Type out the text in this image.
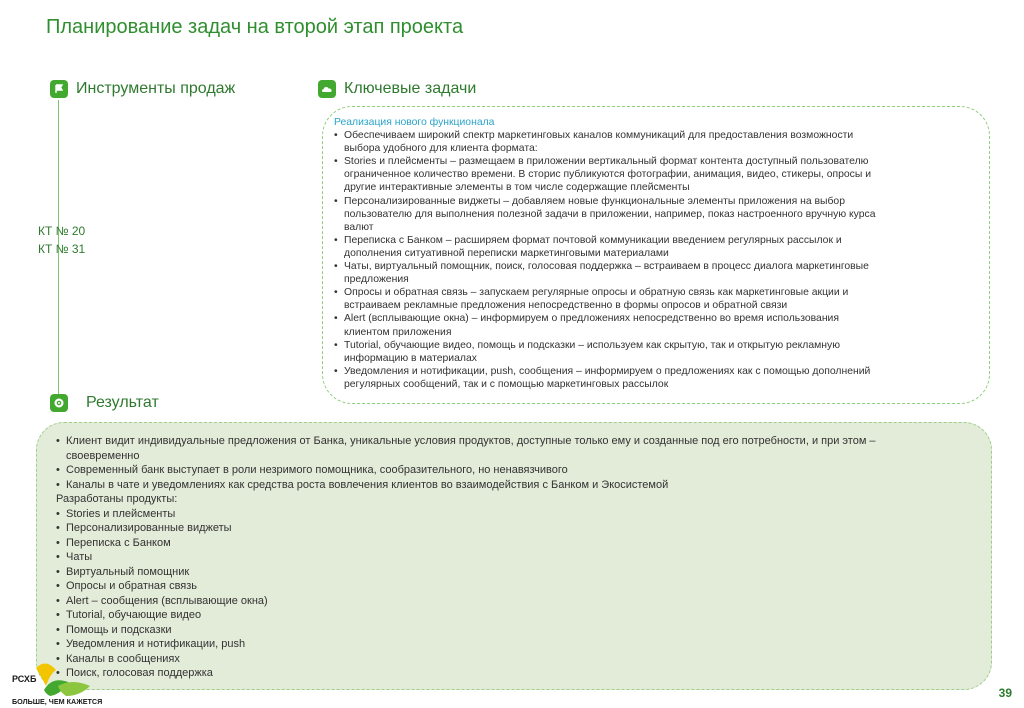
Планирование задач на второй этап проекта
Инструменты продаж
КТ № 20
КТ № 31
Ключевые задачи
Реализация нового функционала
• Обеспечиваем широкий спектр маркетинговых каналов коммуникаций для предоставления возможности
выбора удобного для клиента формата:
• Stories и плейсменты – размещаем в приложении вертикальный формат контента доступный пользователю
ограниченное количество времени. В сторис публикуются фотографии, анимация, видео, стикеры, опросы и
другие интерактивные элементы в том числе содержащие плейсменты
• Персонализированные виджеты – добавляем новые функциональные элементы приложения на выбор
пользователю для выполнения полезной задачи в приложении, например, показ настроенного вручную курса
валют
• Переписка с Банком – расширяем формат почтовой коммуникации введением регулярных рассылок и
дополнения ситуативной переписки маркетинговыми материалами
• Чаты, виртуальный помощник, поиск, голосовая поддержка – встраиваем в процесс диалога маркетинговые
предложения
• Опросы и обратная связь – запускаем регулярные опросы и обратную связь как маркетинговые акции и
встраиваем рекламные предложения непосредственно в формы опросов и обратной связи
• Alert (всплывающие окна) – информируем о предложениях непосредственно во время использования
клиентом приложения
• Tutorial, обучающие видео, помощь и подсказки – используем как скрытую, так и открытую рекламную
информацию в материалах
• Уведомления и нотификации, push, сообщения – информируем о предложениях как с помощью дополнений
регулярных сообщений, так и с помощью маркетинговых рассылок
Результат
• Клиент видит индивидуальные предложения от Банка, уникальные условия продуктов, доступные только ему и созданные под его потребности, и при этом –
своевременно
• Современный банк выступает в роли незримого помощника, сообразительного, но ненавязчивого
• Каналы в чате и уведомлениях как средства роста вовлечения клиентов во взаимодействия с Банком и Экосистемой
Разработаны продукты:
• Stories и плейсменты
• Персонализированные виджеты
• Переписка с Банком
• Чаты
• Виртуальный помощник
• Опросы и обратная связь
• Alert – сообщения (всплывающие окна)
• Tutorial, обучающие видео
• Помощь и подсказки
• Уведомления и нотификации, push
• Каналы в сообщениях
• Поиск, голосовая поддержка
РСХБ
БОЛЬШЕ, ЧЕМ КАЖЕТСЯ
39
